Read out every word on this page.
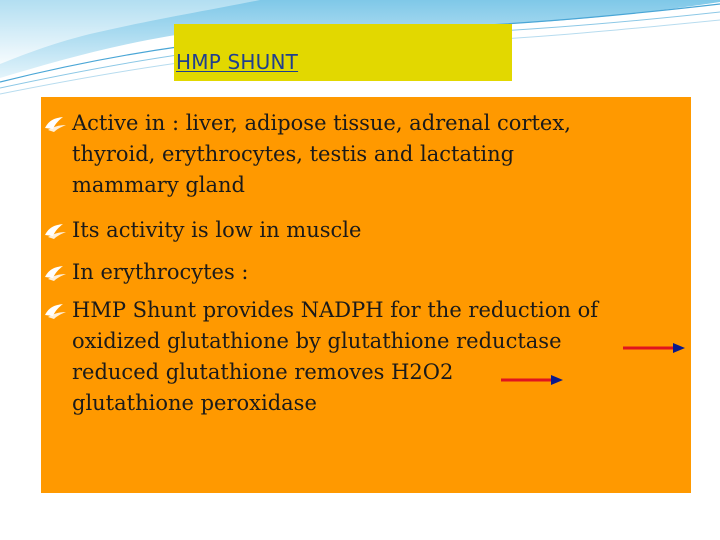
HMP SHUNT

Active in : liver, adipose tissue, adrenal cortex,
thyroid, erythrocytes, testis and lactating
mammary gland

Its activity is low in muscle

In erythrocytes :

HMP Shunt provides NADPH for the reduction of
oxidized glutathione by glutathione reductase
reduced glutathione removes H2O2
glutathione peroxidase
